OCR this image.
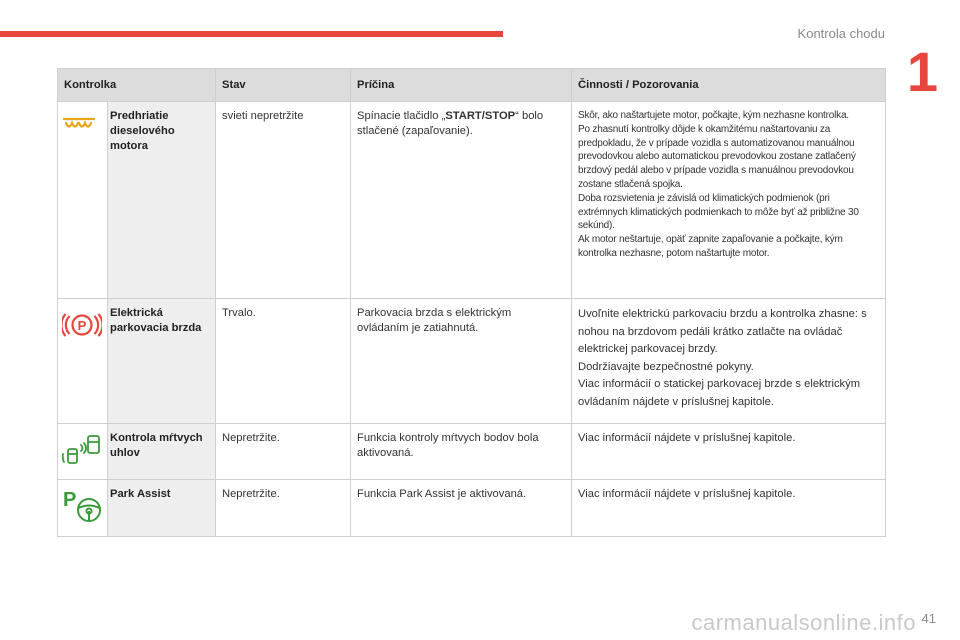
Kontrola chodu
1
Kontrolka		Stav	Príčina	Činnosti / Pozorovania

	Predhriatie dieselového motora	svieti nepretržite	Spínacie tlačidlo „START/STOP“ bolo stlačené (zapaľovanie).	Skôr, ako naštartujete motor, počkajte, kým nezhasne kontrolka.
Po zhasnutí kontrolky dôjde k okamžitému naštartovaniu za predpokladu, že v prípade vozidla s automatizovanou manuálnou prevodovkou alebo automatickou prevodovkou zostane zatlačený brzdový pedál alebo v prípade vozidla s manuálnou prevodovkou zostane stlačená spojka.
Doba rozsvietenia je závislá od klimatických podmienok (pri extrémnych klimatických podmienkach to môže byť až približne 30 sekúnd).
Ak motor neštartuje, opäť zapnite zapaľovanie a počkajte, kým kontrolka nezhasne, potom naštartujte motor.

P	Elektrická parkovacia brzda	Trvalo.	Parkovacia brzda s elektrickým ovládaním je zatiahnutá.	Uvoľnite elektrickú parkovaciu brzdu a kontrolka zhasne: s nohou na brzdovom pedáli krátko zatlačte na ovládač elektrickej parkovacej brzdy.
Dodržiavajte bezpečnostné pokyny.
Viac informácií o statickej parkovacej brzde s elektrickým ovládaním nájdete v príslušnej kapitole.

	Kontrola mŕtvych uhlov	Nepretržite.	Funkcia kontroly mŕtvych bodov bola aktivovaná.	Viac informácií nájdete v príslušnej kapitole.

P	Park Assist	Nepretržite.	Funkcia Park Assist je aktivovaná.	Viac informácií nájdete v príslušnej kapitole.
carmanualsonline.info 41
